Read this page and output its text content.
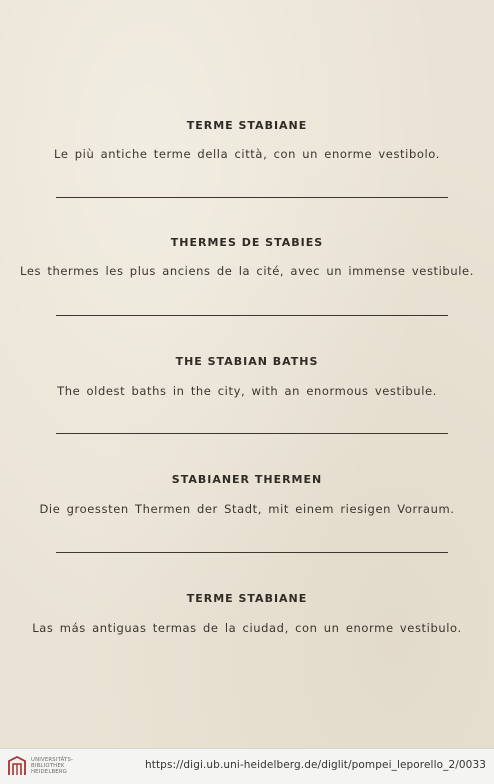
TERME STABIANE
Le più antiche terme della città, con un enorme vestibolo.
THERMES DE STABIES
Les thermes les plus anciens de la cité, avec un immense vestibule.
THE STABIAN BATHS
The oldest baths in the city, with an enormous vestibule.
STABIANER THERMEN
Die groessten Thermen der Stadt, mit einem riesigen Vorraum.
TERME STABIANE
Las más antiguas termas de la ciudad, con un enorme vestibulo.
UNIVERSITÄTS-
BIBLIOTHEK
HEIDELBERG
https://digi.ub.uni-heidelberg.de/diglit/pompei_leporello_2/0033
